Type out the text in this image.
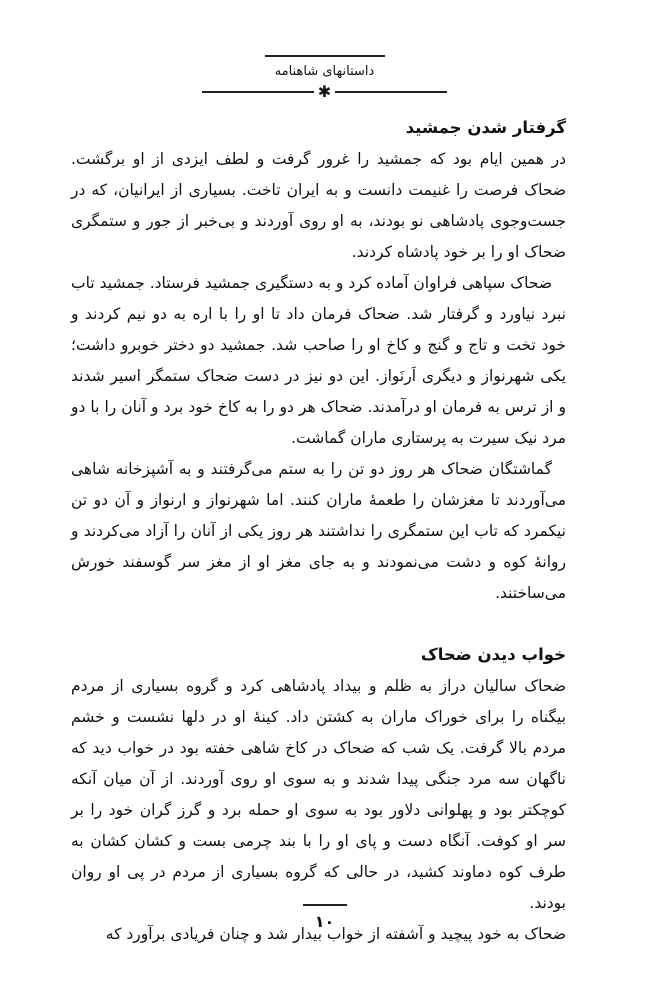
داستانهای شاهنامه
✱
گرفتار شدن جمشید

در همین ایام بود که جمشید را غرور گرفت و لطف ایزدی از او برگشت. ضحاک فرصت را غنیمت دانست و به ایران تاخت. بسیاری از ایرانیان، که در جست‌وجوی پادشاهی نو بودند، به او روی آوردند و بی‌خبر از جور و ستمگری ضحاک او را بر خود پادشاه کردند.

ضحاک سپاهی فراوان آماده کرد و به دستگیری جمشید فرستاد. جمشید تاب نبرد نیاورد و گرفتار شد. ضحاک فرمان داد تا او را با اره به دو نیم کردند و خود تخت و تاج و گنج و کاخ او را صاحب شد. جمشید دو دختر خوبرو داشت؛ یکی شهرنواز و دیگری اَرنَواز. این دو نیز در دست ضحاک ستمگر اسیر شدند و از ترس به فرمان او درآمدند. ضحاک هر دو را به کاخ خود برد و آنان را با دو مرد نیک سیرت به پرستاری ماران گماشت.

گماشتگان ضحاک هر روز دو تن را به ستم می‌گرفتند و به آشپزخانه شاهی می‌آوردند تا مغزشان را طعمهٔ ماران کنند. اما شهرنواز و ارنواز و آن دو تن نیکمرد که تاب این ستمگری را نداشتند هر روز یکی از آنان را آزاد می‌کردند و روانهٔ کوه و دشت می‌نمودند و به جای مغز او از مغز سر گوسفند خورش می‌ساختند.

خواب دیدن ضحاک

ضحاک سالیان دراز به ظلم و بیداد پادشاهی کرد و گروه بسیاری از مردم بیگناه را برای خوراک ماران به کشتن داد. کینهٔ او در دلها نشست و خشم مردم بالا گرفت. یک شب که ضحاک در کاخ شاهی خفته بود در خواب دید که ناگهان سه مرد جنگی پیدا شدند و به سوی او روی آوردند. از آن میان آنکه کوچکتر بود و پهلوانی دلاور بود به سوی او حمله برد و گرز گران خود را بر سر او کوفت. آنگاه دست و پای او را با بند چرمی بست و کشان کشان به طرف کوه دماوند کشید، در حالی که گروه بسیاری از مردم در پی او روان بودند.

ضحاک به خود پیچید و آشفته از خواب بیدار شد و چنان فریادی برآورد که

۱۰
